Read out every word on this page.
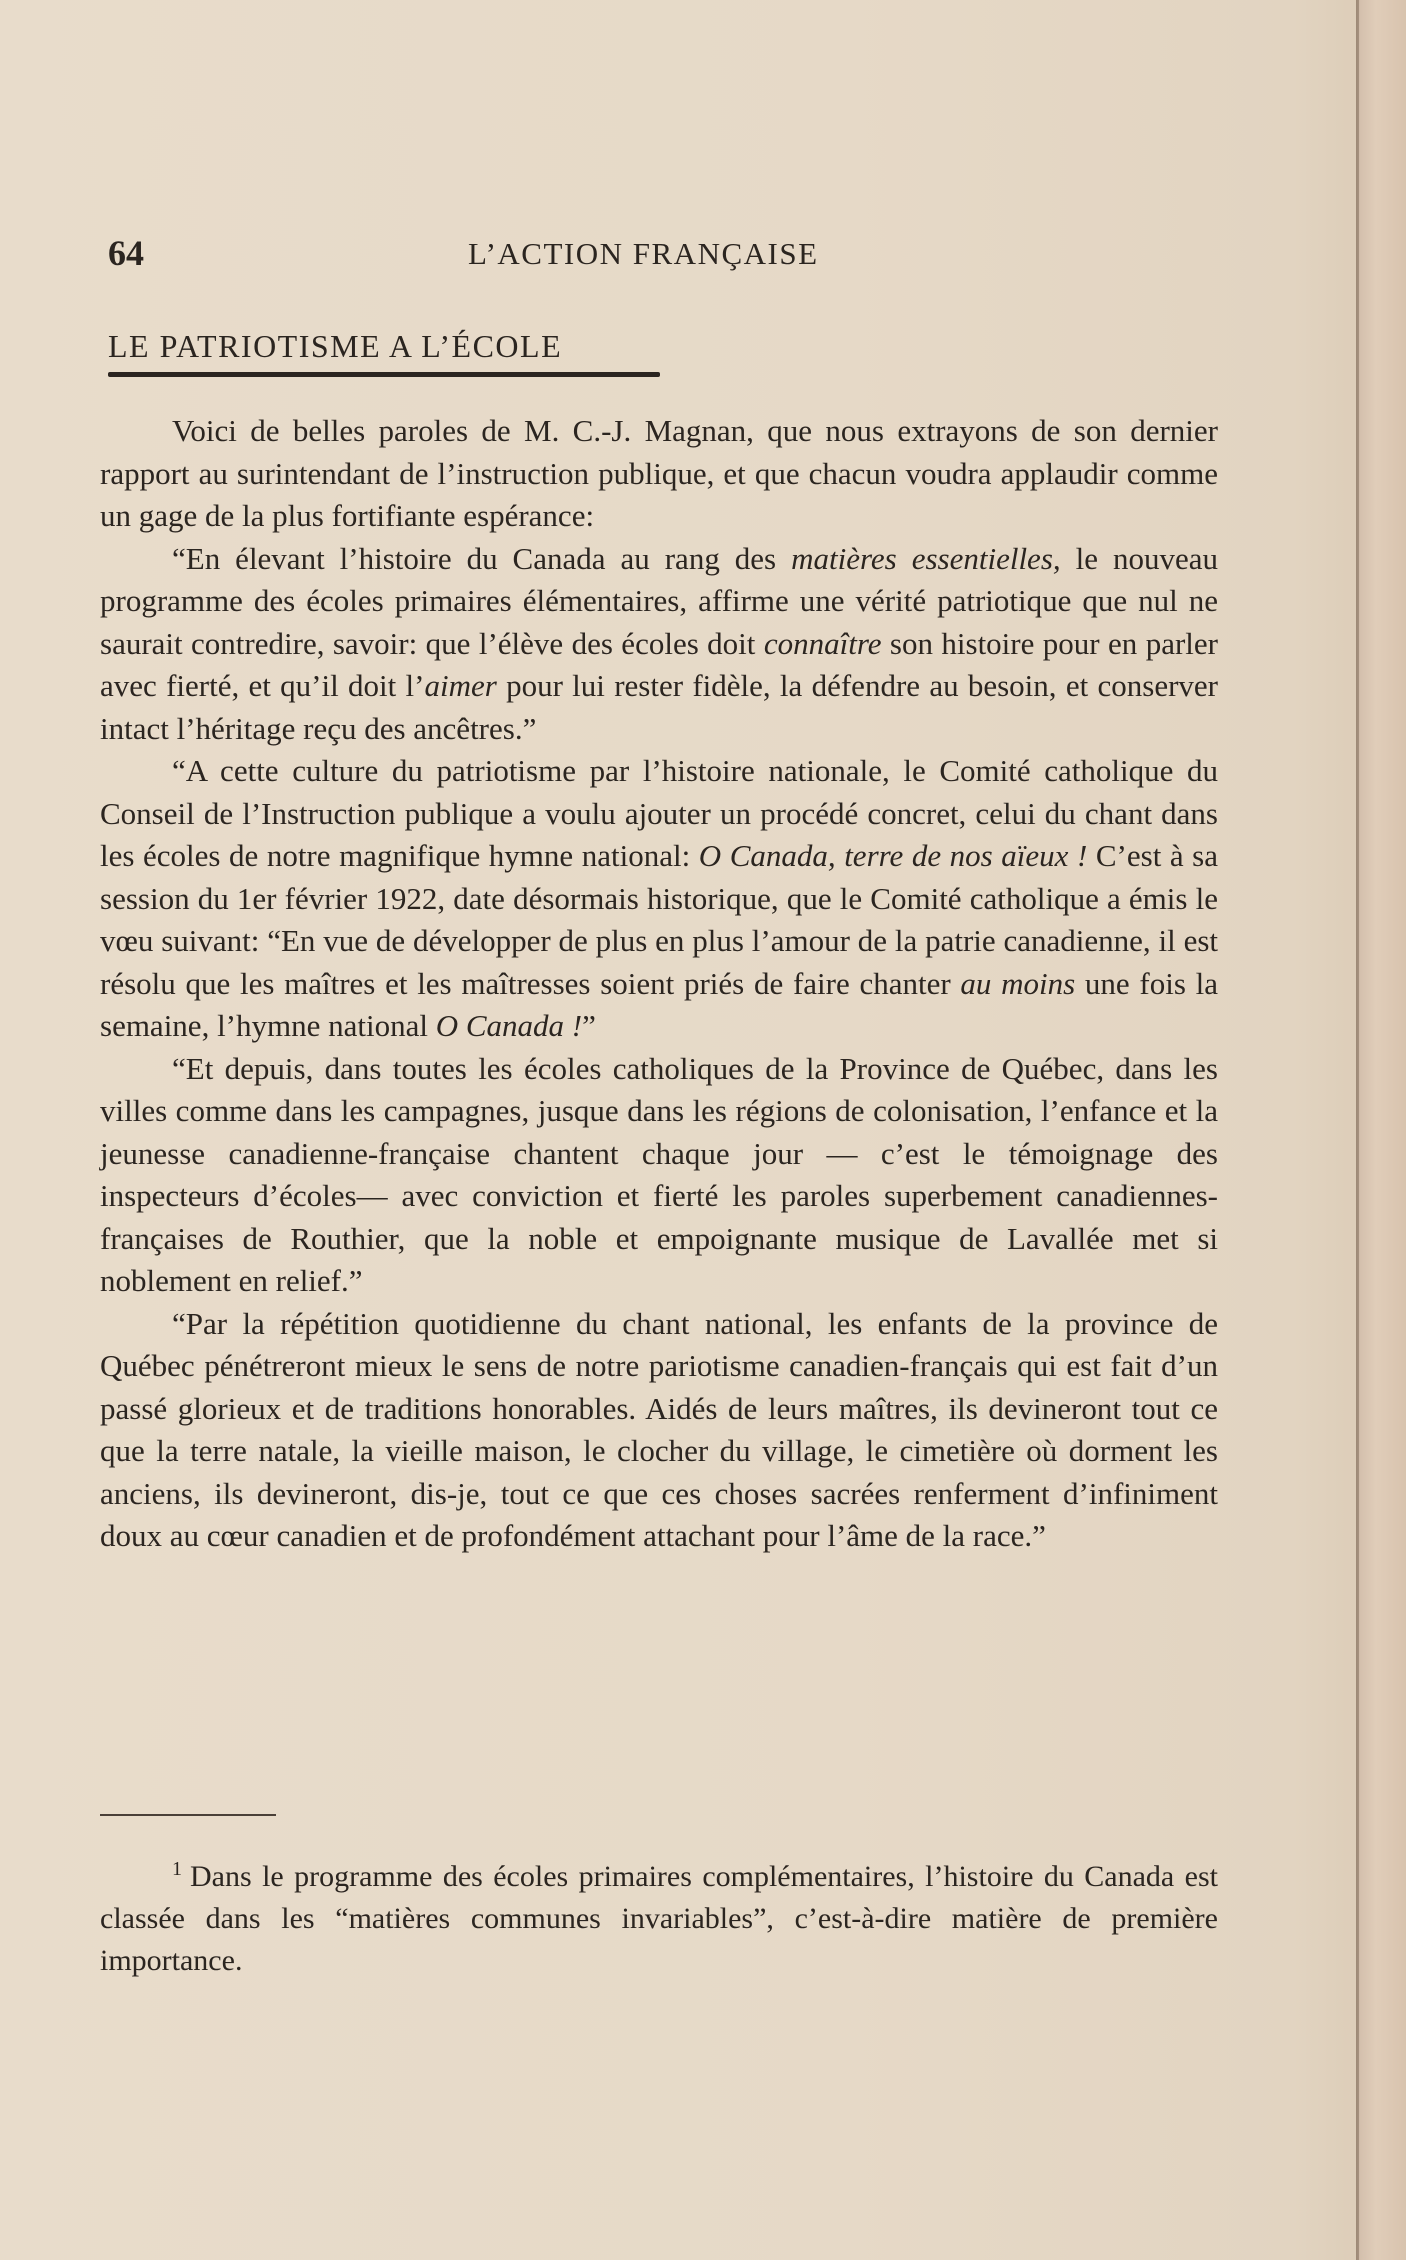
64	L’ACTION FRANÇAISE
LE PATRIOTISME A L’ÉCOLE

Voici de belles paroles de M. C.-J. Magnan, que nous extrayons de son dernier rapport au surintendant de l’instruction publique, et que chacun voudra applaudir comme un gage de la plus fortifiante espérance:

“En élevant l’histoire du Canada au rang des matières essentielles, le nouveau programme des écoles primaires élémentaires, affirme une vérité patriotique que nul ne saurait contredire, savoir: que l’élève des écoles doit connaître son histoire pour en parler avec fierté, et qu’il doit l’aimer pour lui rester fidèle, la défendre au besoin, et conserver intact l’héritage reçu des ancêtres.”

“A cette culture du patriotisme par l’histoire nationale, le Comité catholique du Conseil de l’Instruction publique a voulu ajouter un procédé concret, celui du chant dans les écoles de notre magnifique hymne national: O Canada, terre de nos aïeux ! C’est à sa session du 1er février 1922, date désormais historique, que le Comité catholique a émis le vœu suivant: “En vue de développer de plus en plus l’amour de la patrie canadienne, il est résolu que les maîtres et les maîtresses soient priés de faire chanter au moins une fois la semaine, l’hymne national O Canada !”

“Et depuis, dans toutes les écoles catholiques de la Province de Québec, dans les villes comme dans les campagnes, jusque dans les régions de colonisation, l’enfance et la jeunesse canadienne-française chantent chaque jour — c’est le témoignage des inspecteurs d’écoles— avec conviction et fierté les paroles superbement canadiennes-françaises de Routhier, que la noble et empoignante musique de Lavallée met si noblement en relief.”

“Par la répétition quotidienne du chant national, les enfants de la province de Québec pénétreront mieux le sens de notre pariotisme canadien-français qui est fait d’un passé glorieux et de traditions honorables. Aidés de leurs maîtres, ils devineront tout ce que la terre natale, la vieille maison, le clocher du village, le cimetière où dorment les anciens, ils devineront, dis-je, tout ce que ces choses sacrées renferment d’infiniment doux au cœur canadien et de profondément attachant pour l’âme de la race.”

$^1$ Dans le programme des écoles primaires complémentaires, l’histoire du Canada est classée dans les “matières communes invariables”, c’est-à-dire matière de première importance.
